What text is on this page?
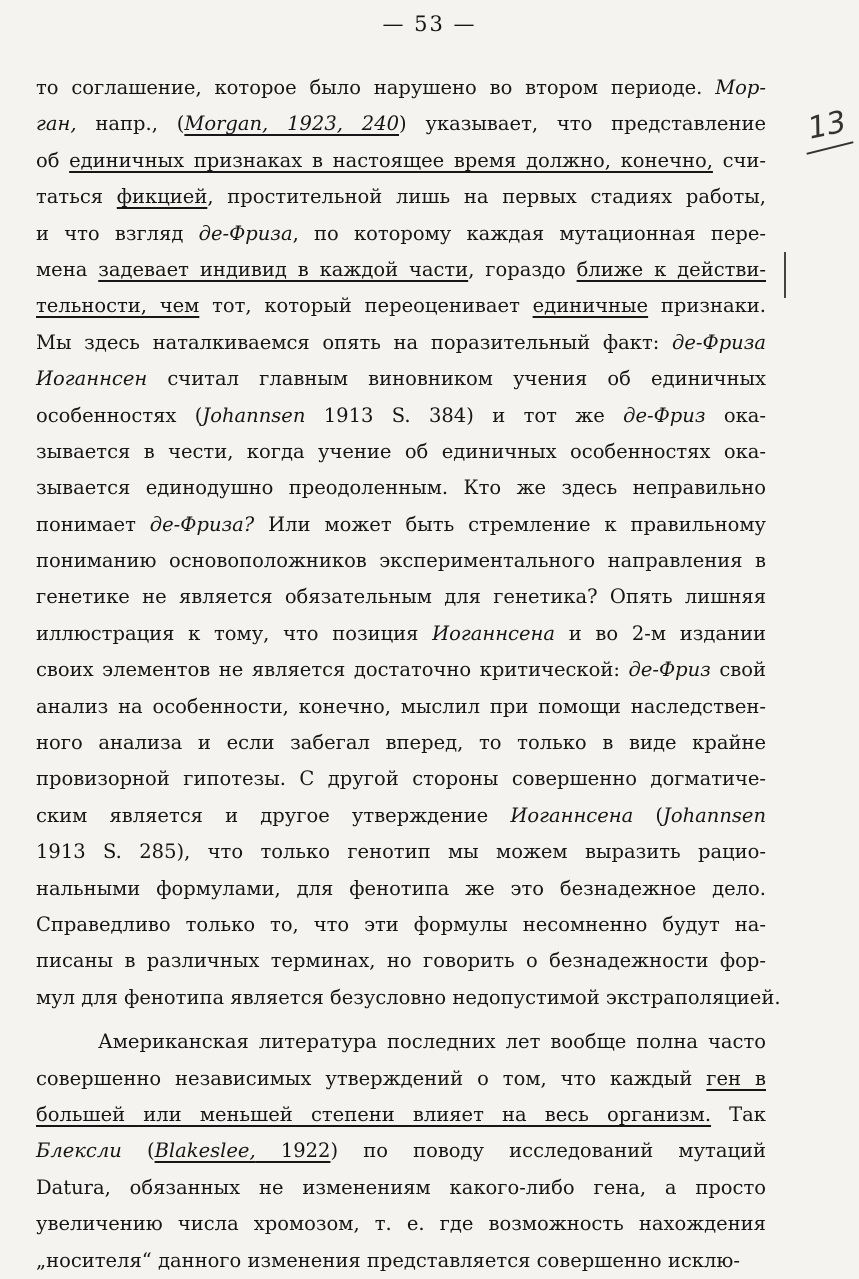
— 53 —
13
то соглашение, которое было нарушено во втором периоде. Мор-
ган, напр., (Morgan, 1923, 240) указывает, что представление
об единичных признаках в настоящее время должно, конечно, счи-
таться фикцией, простительной лишь на первых стадиях работы,
и что взгляд де-Фриза, по которому каждая мутационная пере-
мена задевает индивид в каждой части, гораздо ближе к действи-
тельности, чем тот, который переоценивает единичные признаки.
Мы здесь наталкиваемся опять на поразительный факт: де-Фриза
Иоганнсен считал главным виновником учения об единичных
особенностях (Johannsen 1913 S. 384) и тот же де-Фриз ока-
зывается в чести, когда учение об единичных особенностях ока-
зывается единодушно преодоленным. Кто же здесь неправильно
понимает де-Фриза? Или может быть стремление к правильному
пониманию основоположников экспериментального направления в
генетике не является обязательным для генетика? Опять лишняя
иллюстрация к тому, что позиция Иоганнсена и во 2-м издании
своих элементов не является достаточно критической: де-Фриз свой
анализ на особенности, конечно, мыслил при помощи наследствен-
ного анализа и если забегал вперед, то только в виде крайне
провизорной гипотезы. С другой стороны совершенно догматиче-
ским является и другое утверждение Иоганнсена (Johannsen
1913 S. 285), что только генотип мы можем выразить рацио-
нальными формулами, для фенотипа же это безнадежное дело.
Справедливо только то, что эти формулы несомненно будут на-
писаны в различных терминах, но говорить о безнадежности фор-
мул для фенотипа является безусловно недопустимой экстраполяцией.
Американская литература последних лет вообще полна часто
совершенно независимых утверждений о том, что каждый ген в
большей или меньшей степени влияет на весь организм. Так
Блексли (Blakeslee, 1922) по поводу исследований мутаций
Datura, обязанных не изменениям какого-либо гена, а просто
увеличению числа хромозом, т. е. где возможность нахождения
„носителя“ данного изменения представляется совершенно исклю-
